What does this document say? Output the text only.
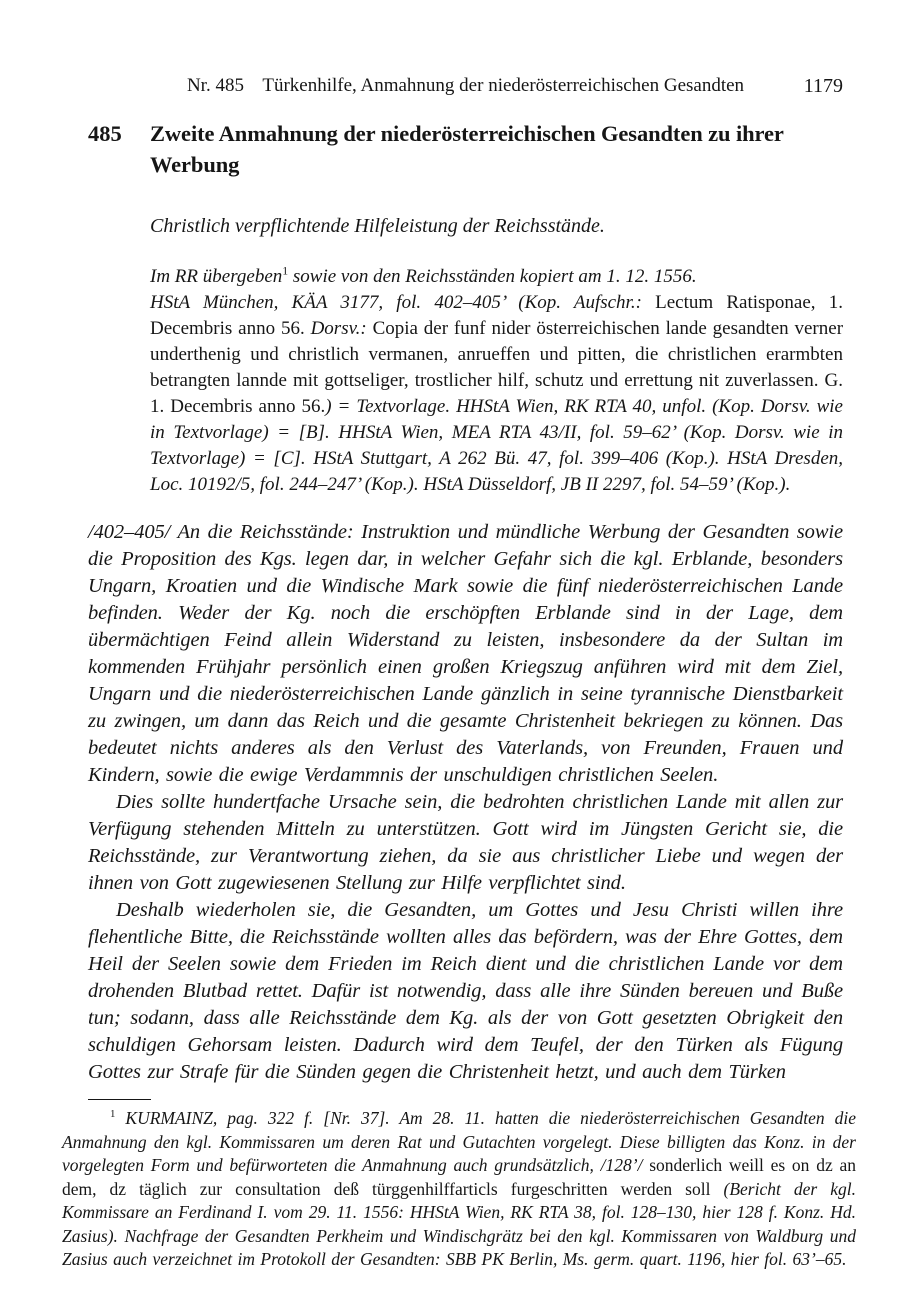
Nr. 485 Türkenhilfe, Anmahnung der niederösterreichischen Gesandten	1179
485	Zweite Anmahnung der niederösterreichischen Gesandten zu ihrer Werbung

Christlich verpflichtende Hilfeleistung der Reichsstände.

Im RR übergeben$^1$ sowie von den Reichsständen kopiert am 1. 12. 1556.

HStA München, KÄA 3177, fol. 402–405’ (Kop. Aufschr.: Lectum Ratisponae, 1. Decembris anno 56. Dorsv.: Copia der funf nider österreichischen lande gesandten verner underthenig und christlich vermanen, anrueffen und pitten, die christlichen erarmbten betrangten lannde mit gottseliger, trostlicher hilf, schutz und errettung nit zuverlassen. G. 1. Decembris anno 56.) = Textvorlage. HHStA Wien, RK RTA 40, unfol. (Kop. Dorsv. wie in Textvorlage) = [B]. HHStA Wien, MEA RTA 43/II, fol. 59–62’ (Kop. Dorsv. wie in Textvorlage) = [C]. HStA Stuttgart, A 262 Bü. 47, fol. 399–406 (Kop.). HStA Dresden, Loc. 10192/5, fol. 244–247’ (Kop.). HStA Düsseldorf, JB II 2297, fol. 54–59’ (Kop.).

/402–405/ An die Reichsstände: Instruktion und mündliche Werbung der Gesandten sowie die Proposition des Kgs. legen dar, in welcher Gefahr sich die kgl. Erblande, besonders Ungarn, Kroatien und die Windische Mark sowie die fünf niederösterreichischen Lande befinden. Weder der Kg. noch die erschöpften Erblande sind in der Lage, dem übermächtigen Feind allein Widerstand zu leisten, insbesondere da der Sultan im kommenden Frühjahr persönlich einen großen Kriegszug anführen wird mit dem Ziel, Ungarn und die niederösterreichischen Lande gänzlich in seine tyrannische Dienstbarkeit zu zwingen, um dann das Reich und die gesamte Christenheit bekriegen zu können. Das bedeutet nichts anderes als den Verlust des Vaterlands, von Freunden, Frauen und Kindern, sowie die ewige Verdammnis der unschuldigen christlichen Seelen.

Dies sollte hundertfache Ursache sein, die bedrohten christlichen Lande mit allen zur Verfügung stehenden Mitteln zu unterstützen. Gott wird im Jüngsten Gericht sie, die Reichsstände, zur Verantwortung ziehen, da sie aus christlicher Liebe und wegen der ihnen von Gott zugewiesenen Stellung zur Hilfe verpflichtet sind.

Deshalb wiederholen sie, die Gesandten, um Gottes und Jesu Christi willen ihre flehentliche Bitte, die Reichsstände wollten alles das befördern, was der Ehre Gottes, dem Heil der Seelen sowie dem Frieden im Reich dient und die christlichen Lande vor dem drohenden Blutbad rettet. Dafür ist notwendig, dass alle ihre Sünden bereuen und Buße tun; sodann, dass alle Reichsstände dem Kg. als der von Gott gesetzten Obrigkeit den schuldigen Gehorsam leisten. Dadurch wird dem Teufel, der den Türken als Fügung Gottes zur Strafe für die Sünden gegen die Christenheit hetzt, und auch dem Türken

$^1$ KURMAINZ, pag. 322 f. [Nr. 37]. Am 28. 11. hatten die niederösterreichischen Gesandten die Anmahnung den kgl. Kommissaren um deren Rat und Gutachten vorgelegt. Diese billigten das Konz. in der vorgelegten Form und befürworteten die Anmahnung auch grundsätzlich, /128’/ sonderlich weill es on dz an dem, dz täglich zur consultation deß türggenhilffarticls furgeschritten werden soll (Bericht der kgl. Kommissare an Ferdinand I. vom 29. 11. 1556: HHStA Wien, RK RTA 38, fol. 128–130, hier 128 f. Konz. Hd. Zasius). Nachfrage der Gesandten Perkheim und Windischgrätz bei den kgl. Kommissaren von Waldburg und Zasius auch verzeichnet im Protokoll der Gesandten: SBB PK Berlin, Ms. germ. quart. 1196, hier fol. 63’–65.
